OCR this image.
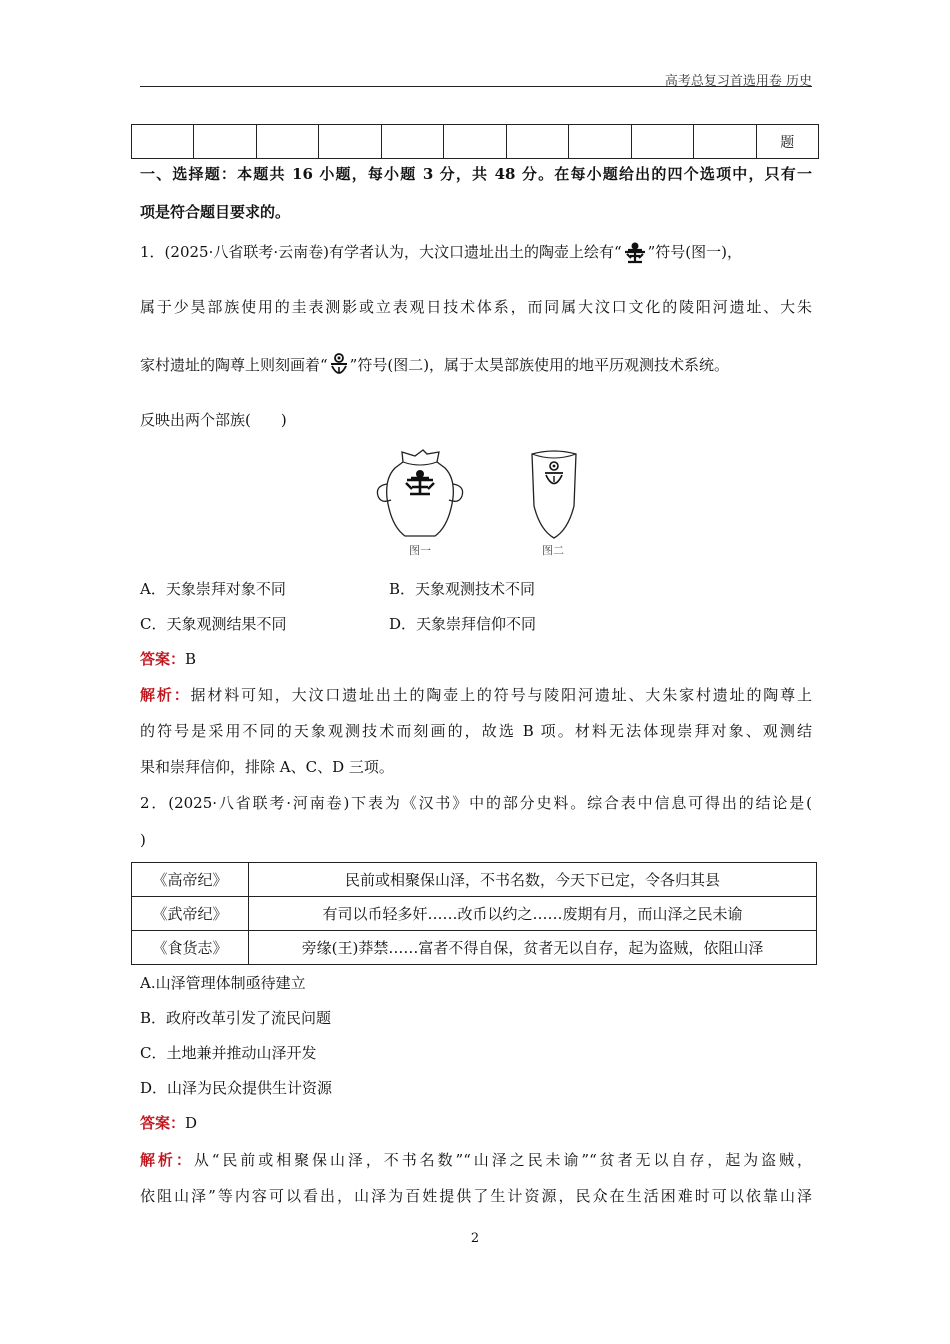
高考总复习首选用卷 历史
										题
一、选择题：本题共 16 小题，每小题 3 分，共 48 分。在每小题给出的四个选项中，只有一
项是符合题目要求的。
1．(2025·八省联考·云南卷)有学者认为，大汶口遗址出土的陶壶上绘有“ ”符号(图一)，
属于少昊部族使用的圭表测影或立表观日技术体系，而同属大汶口文化的陵阳河遗址、大朱
家村遗址的陶尊上则刻画着“ ”符号(图二)，属于太昊部族使用的地平历观测技术系统。
反映出两个部族(　　)
图一	图二
A．天象崇拜对象不同	B．天象观测技术不同
C．天象观测结果不同	D．天象崇拜信仰不同
答案：B
解析：据材料可知，大汶口遗址出土的陶壶上的符号与陵阳河遗址、大朱家村遗址的陶尊上
的符号是采用不同的天象观测技术而刻画的，故选 B 项。材料无法体现崇拜对象、观测结
果和崇拜信仰，排除 A、C、D 三项。
2．(2025·八省联考·河南卷)下表为《汉书》中的部分史料。综合表中信息可得出的结论是(
)
《高帝纪》	民前或相聚保山泽，不书名数，今天下已定，令各归其县
《武帝纪》	有司以币轻多奸……改币以约之……废期有月，而山泽之民未谕
《食货志》	旁缘(王)莽禁……富者不得自保，贫者无以自存，起为盗贼，依阻山泽
A.山泽管理体制亟待建立
B．政府改革引发了流民问题
C．土地兼并推动山泽开发
D．山泽为民众提供生计资源
答案：D
解析：从“民前或相聚保山泽，不书名数”“山泽之民未谕”“贫者无以自存，起为盗贼，
依阻山泽”等内容可以看出，山泽为百姓提供了生计资源，民众在生活困难时可以依靠山泽
2
